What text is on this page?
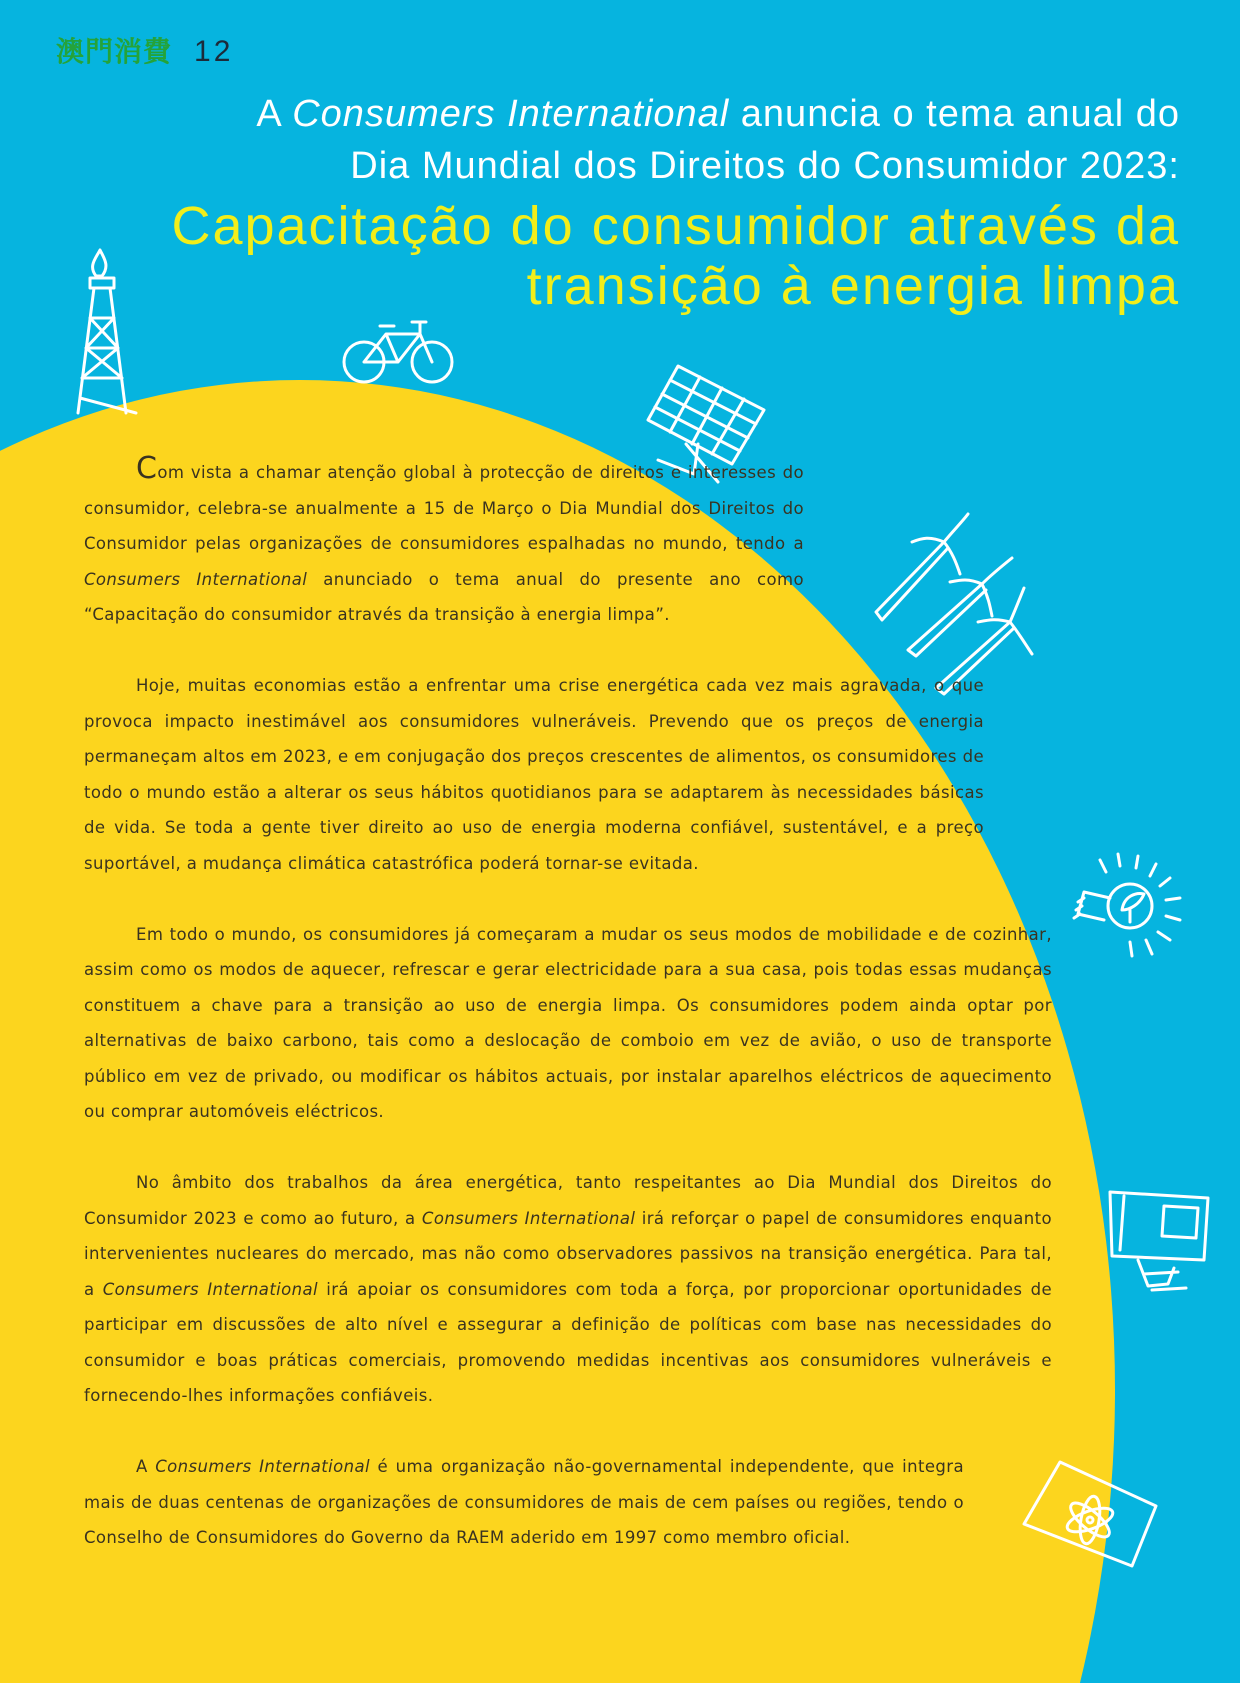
澳門消費 12
A Consumers International anuncia o tema anual do
Dia Mundial dos Direitos do Consumidor 2023:
Capacitação do consumidor através da transição à energia limpa

Com vista a chamar atenção global à protecção de direitos e interesses do consumidor, celebra-se anualmente a 15 de Março o Dia Mundial dos Direitos do Consumidor pelas organizações de consumidores espalhadas no mundo, tendo a Consumers International anunciado o tema anual do presente ano como “Capacitação do consumidor através da transição à energia limpa”.

Hoje, muitas economias estão a enfrentar uma crise energética cada vez mais agravada, o que provoca impacto inestimável aos consumidores vulneráveis. Prevendo que os preços de energia permaneçam altos em 2023, e em conjugação dos preços crescentes de alimentos, os consumidores de todo o mundo estão a alterar os seus hábitos quotidianos para se adaptarem às necessidades básicas de vida. Se toda a gente tiver direito ao uso de energia moderna confiável, sustentável, e a preço suportável, a mudança climática catastrófica poderá tornar-se evitada.

Em todo o mundo, os consumidores já começaram a mudar os seus modos de mobilidade e de cozinhar, assim como os modos de aquecer, refrescar e gerar electricidade para a sua casa, pois todas essas mudanças constituem a chave para a transição ao uso de energia limpa. Os consumidores podem ainda optar por alternativas de baixo carbono, tais como a deslocação de comboio em vez de avião, o uso de transporte público em vez de privado, ou modificar os hábitos actuais, por instalar aparelhos eléctricos de aquecimento ou comprar automóveis eléctricos.

No âmbito dos trabalhos da área energética, tanto respeitantes ao Dia Mundial dos Direitos do Consumidor 2023 e como ao futuro, a Consumers International irá reforçar o papel de consumidores enquanto intervenientes nucleares do mercado, mas não como observadores passivos na transição energética. Para tal, a Consumers International irá apoiar os consumidores com toda a força, por proporcionar oportunidades de participar em discussões de alto nível e assegurar a definição de políticas com base nas necessidades do consumidor e boas práticas comerciais, promovendo medidas incentivas aos consumidores vulneráveis e fornecendo-lhes informações confiáveis.

A Consumers International é uma organização não-governamental independente, que integra mais de duas centenas de organizações de consumidores de mais de cem países ou regiões, tendo o Conselho de Consumidores do Governo da RAEM aderido em 1997 como membro oficial.
